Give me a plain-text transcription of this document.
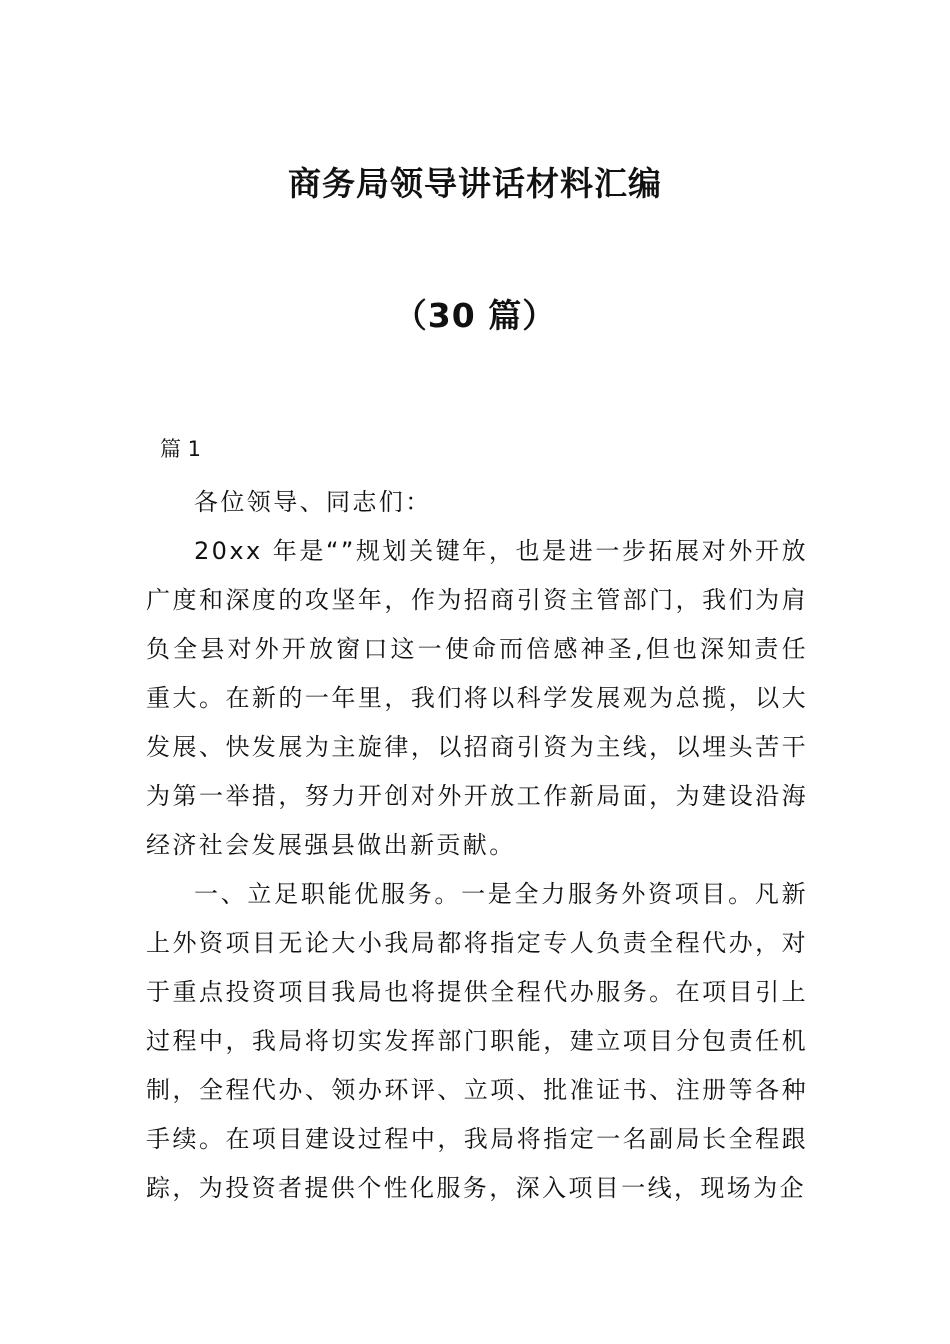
商务局领导讲话材料汇编
（30 篇）
篇 1

各位领导、同志们：

20xx 年是“”规划关键年，也是进一步拓展对外开放广度和深度的攻坚年，作为招商引资主管部门，我们为肩负全县对外开放窗口这一使命而倍感神圣,但也深知责任重大。在新的一年里，我们将以科学发展观为总揽，以大发展、快发展为主旋律，以招商引资为主线，以埋头苦干为第一举措，努力开创对外开放工作新局面，为建设沿海经济社会发展强县做出新贡献。

一、立足职能优服务。一是全力服务外资项目。凡新上外资项目无论大小我局都将指定专人负责全程代办，对于重点投资项目我局也将提供全程代办服务。在项目引上过程中，我局将切实发挥部门职能，建立项目分包责任机制，全程代办、领办环评、立项、批准证书、注册等各种手续。在项目建设过程中，我局将指定一名副局长全程跟踪，为投资者提供个性化服务，深入项目一线，现场为企
